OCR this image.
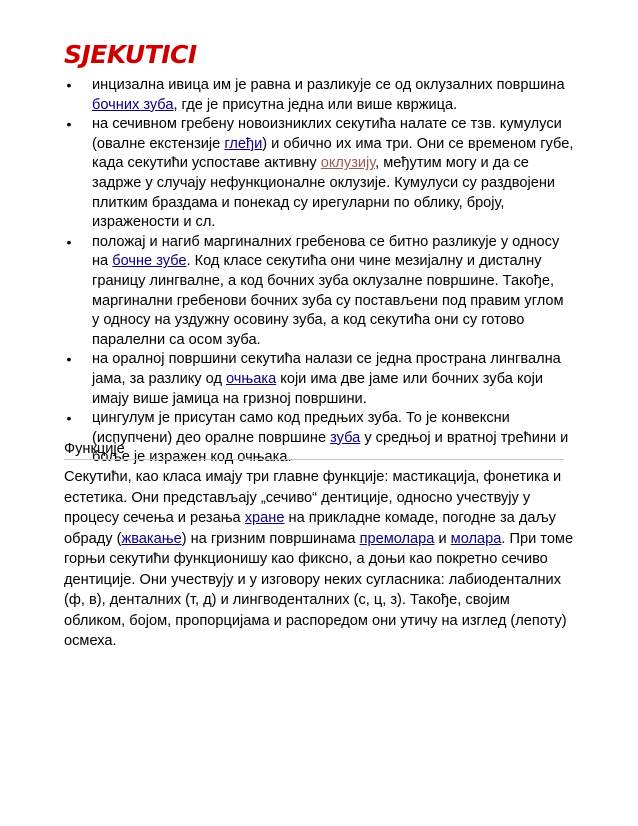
SJEKUTICI
• инцизална ивица им је равна и разликује се од оклузалних површина бочних зуба, где је присутна једна или више квржица.
• на сечивном гребену новоизниклих секутића налате се тзв. кумулуси (овалне екстензије глеђи) и обично их има три. Они се временом губе, када секутићи успоставе активну оклузију, међутим могу и да се задрже у случају нефункционалне оклузије. Кумулуси су раздвојени плитким браздама и понекад су ирегуларни по облику, броју, изражености и сл.
• положај и нагиб маргиналних гребенова се битно разликује у односу на бочне зубе. Код класе секутића они чине мезијалну и дисталну границу лингвалне, а код бочних зуба оклузалне површине. Такође, маргинални гребенови бочних зуба су постављени под правим углом у односу на уздужну осовину зуба, а код секутића они су готово паралелни са осом зуба.
• на оралној површини секутића налази се једна пространа лингвална јама, за разлику од очњака који има две јаме или бочних зуба који имају више јамица на гризној површини.
• цингулум је присутан само код предњих зуба. То је конвексни (испупчени) део оралне површине зуба у средњој и вратној трећини и боље је изражен код очњака.
Функције

Секутићи, као класа имају три главне функције: мастикација, фонетика и естетика. Они представљају „сечиво“ дентиције, односно учествују у процесу сечења и резања хране на прикладне комаде, погодне за даљу обраду (жвакање) на гризним површинама премолара и молара. При томе горњи секутићи функционишу као фиксно, а доњи као покретно сечиво дентиције. Они учествују и у изговору неких сугласника: лабиоденталних (ф, в), денталних (т, д) и лингводенталних (с, ц, з). Такође, својим обликом, бојом, пропорцијама и распоредом они утичу на изглед (лепоту) осмеха.
